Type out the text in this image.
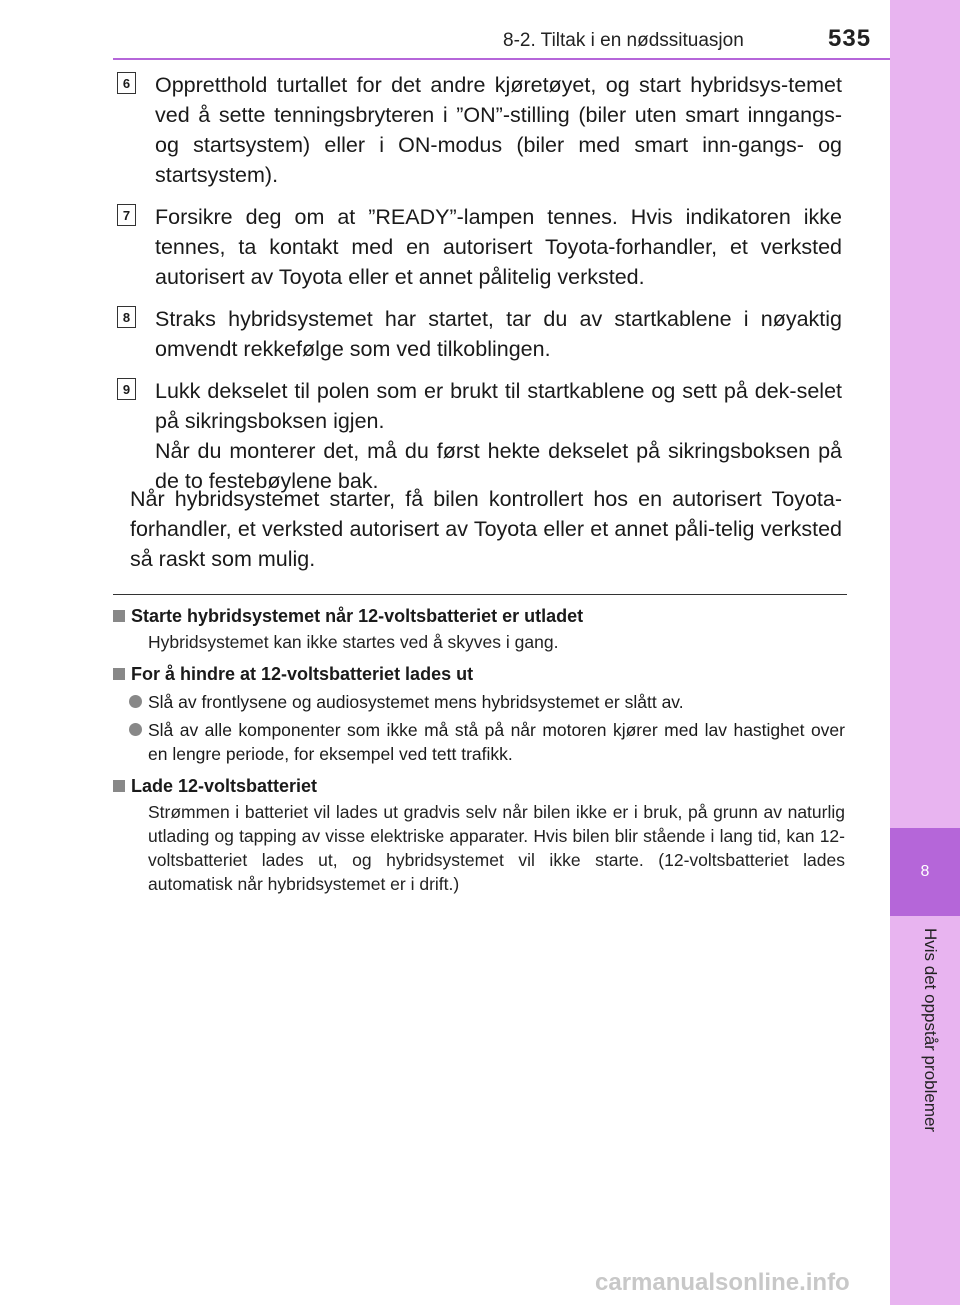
8
Hvis det oppstår problemer
8-2. Tiltak i en nødssituasjon	535
6 Oppretthold turtallet for det andre kjøretøyet, og start hybridsys-temet ved å sette tenningsbryteren i ”ON”-stilling (biler uten smart inngangs- og startsystem) eller i ON-modus (biler med smart inn-gangs- og startsystem).

7 Forsikre deg om at ”READY”-lampen tennes. Hvis indikatoren ikke tennes, ta kontakt med en autorisert Toyota-forhandler, et verksted autorisert av Toyota eller et annet pålitelig verksted.

8 Straks hybridsystemet har startet, tar du av startkablene i nøyaktig omvendt rekkefølge som ved tilkoblingen.

9 Lukk dekselet til polen som er brukt til startkablene og sett på dek-selet på sikringsboksen igjen.

Når du monterer det, må du først hekte dekselet på sikringsboksen på de to festebøylene bak.

Når hybridsystemet starter, få bilen kontrollert hos en autorisert Toyota-forhandler, et verksted autorisert av Toyota eller et annet påli-telig verksted så raskt som mulig.

Starte hybridsystemet når 12-voltsbatteriet er utladet

Hybridsystemet kan ikke startes ved å skyves i gang.

For å hindre at 12-voltsbatteriet lades ut
Slå av frontlysene og audiosystemet mens hybridsystemet er slått av.
Slå av alle komponenter som ikke må stå på når motoren kjører med lav hastighet over en lengre periode, for eksempel ved tett trafikk.
Lade 12-voltsbatteriet

Strømmen i batteriet vil lades ut gradvis selv når bilen ikke er i bruk, på grunn av naturlig utlading og tapping av visse elektriske apparater. Hvis bilen blir stående i lang tid, kan 12-voltsbatteriet lades ut, og hybridsystemet vil ikke starte. (12-voltsbatteriet lades automatisk når hybridsystemet er i drift.)

carmanualsonline.info
